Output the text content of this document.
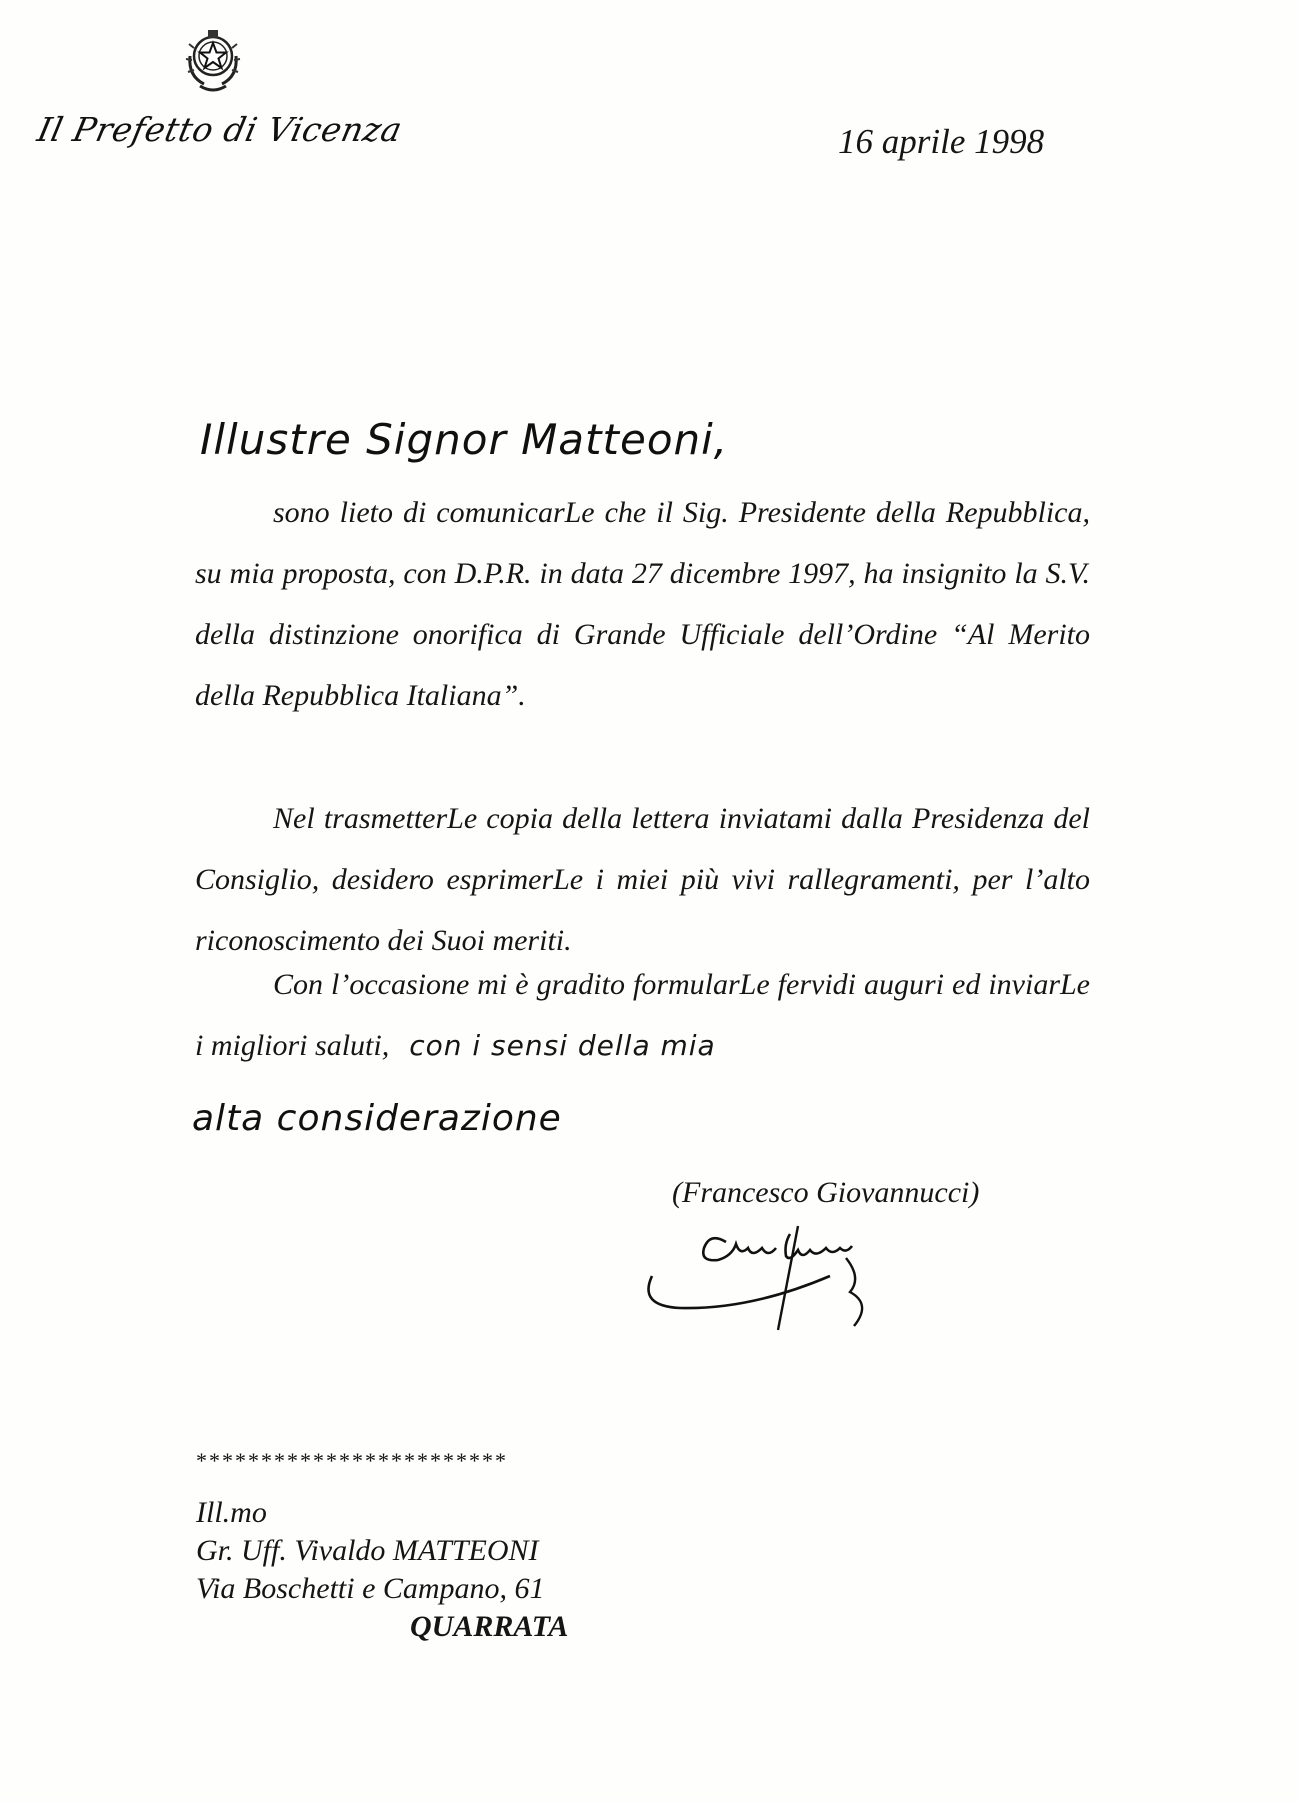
Il Prefetto di Vicenza	16 aprile 1998
Illustre Signor Matteoni,

sono lieto di comunicarLe che il Sig. Presidente della Repubblica, su mia proposta, con D.P.R. in data 27 dicembre 1997, ha insignito la S.V. della distinzione onorifica di Grande Ufficiale dell’Ordine “Al Merito della Repubblica Italiana”.

Nel trasmetterLe copia della lettera inviatami dalla Presidenza del Consiglio, desidero esprimerLe i miei più vivi rallegramenti, per l’alto riconoscimento dei Suoi meriti.

Con l’occasione mi è gradito formularLe fervidi auguri ed inviarLe i migliori saluti, con i sensi della mia

alta considerazione
(Francesco Giovannucci)
************************
Ill.mo
Gr. Uff. Vivaldo MATTEONI
Via Boschetti e Campano, 61
QUARRATA
